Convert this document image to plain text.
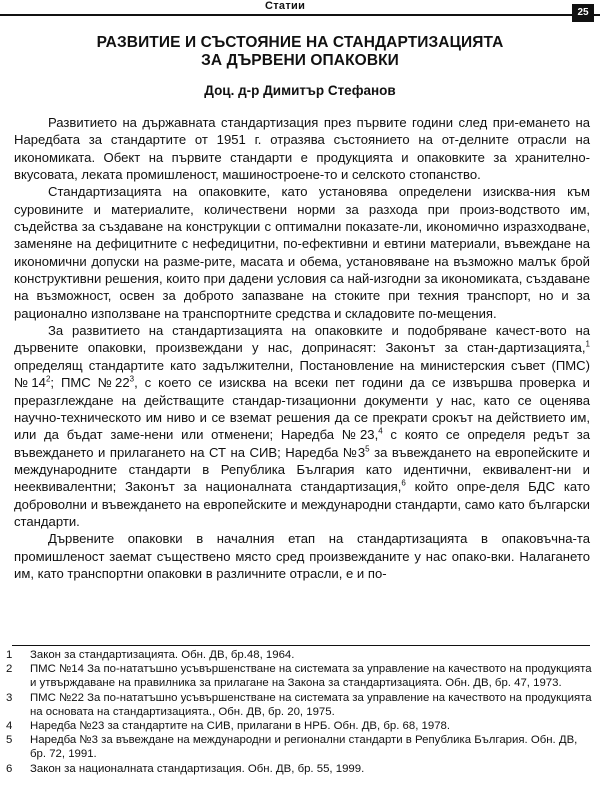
Статии
25
РАЗВИТИЕ И СЪСТОЯНИЕ НА СТАНДАРТИЗАЦИЯТА
ЗА ДЪРВЕНИ ОПАКОВКИ
Доц. д-р Димитър Стефанов

Развитието на държавната стандартизация през първите години след при-еманeто на Наредбата за стандартите от 1951 г. отразява състоянието на от-делните отрасли на икономиката. Обект на първите стандарти е продукцията и опаковките за хранително-вкусовата, леката промишленост, машиностроене-то и селското стопанство.

Стандартизацията на опаковките, като установява определени изисква-ния към суровините и материалите, количествени норми за разхода при произ-водството им, съдейства за създаване на конструкции с оптимални показате-ли, икономично изразходване, заменяне на дефицитните с нефедицитни, по-ефективни и евтини материали, въвеждане на икономични допуски на разме-рите, масата и обема, установяване на възможно малък брой конструктивни решения, които при дадени условия са най-изгодни за икономиката, създаване на възможност, освен за доброто запазване на стоките при техния транспорт, но и за рационално използване на транспортните средства и складовите по-мещения.

За развитието на стандартизацията на опаковките и подобряване качест-вото на дървените опаковки, произвеждани у нас, допринасят: Законът за стан-дартизацията,$^1$ определящ стандартите като задължителни, Постановление на министерския съвет (ПМС) $№14^2$; ПМС $№22^3$, с което се изисква на всеки пет години да се извършва проверка и преразглеждане на действащите стандар-тизационни документи у нас, като се оценява научно-техническото им ниво и се вземат решения да се прекрати срокът на действието им, или да бъдат заме-нени или отменени; Наредба №23,$^4$ с която се определя редът за въвеждането и прилагането на СТ на СИВ; Наредба $№3^5$ за въвеждането на европейските и международните стандарти в Република България като идентични, еквивалент-ни и нееквивалентни; Законът за националната стандартизация,$^6$ който опре-деля БДС като доброволни и въвеждането на европейските и международни стандарти, само като български стандарти.

Дървените опаковки в началния етап на стандартизацията в опаковъчна-та промишленост заемат съществено място сред произвежданите у нас опако-вки. Налагането им, като транспортни опаковки в различните отрасли, е и по-

1	Закон за стандартизацията. Обн. ДВ, бр.48, 1964.
2	ПМС №14 За по-нататъшно усъвършенстване на системата за управление на качеството на продукцията и утвърждаване на правилника за прилагане на Закона за стандартизацията. Обн. ДВ, бр. 47, 1973.
3	ПМС №22 За по-нататъшно усъвършенстване на системата за управление на качеството на продукцията на основата на стандартизацията., Обн. ДВ, бр. 20, 1975.
4	Наредба №23 за стандартите на СИВ, прилагани в НРБ. Обн. ДВ, бр. 68, 1978.
5	Наредба №3 за въвеждане на международни и регионални стандарти в Република България. Обн. ДВ, бр. 72, 1991.
6	Закон за националната стандартизация. Обн. ДВ, бр. 55, 1999.
